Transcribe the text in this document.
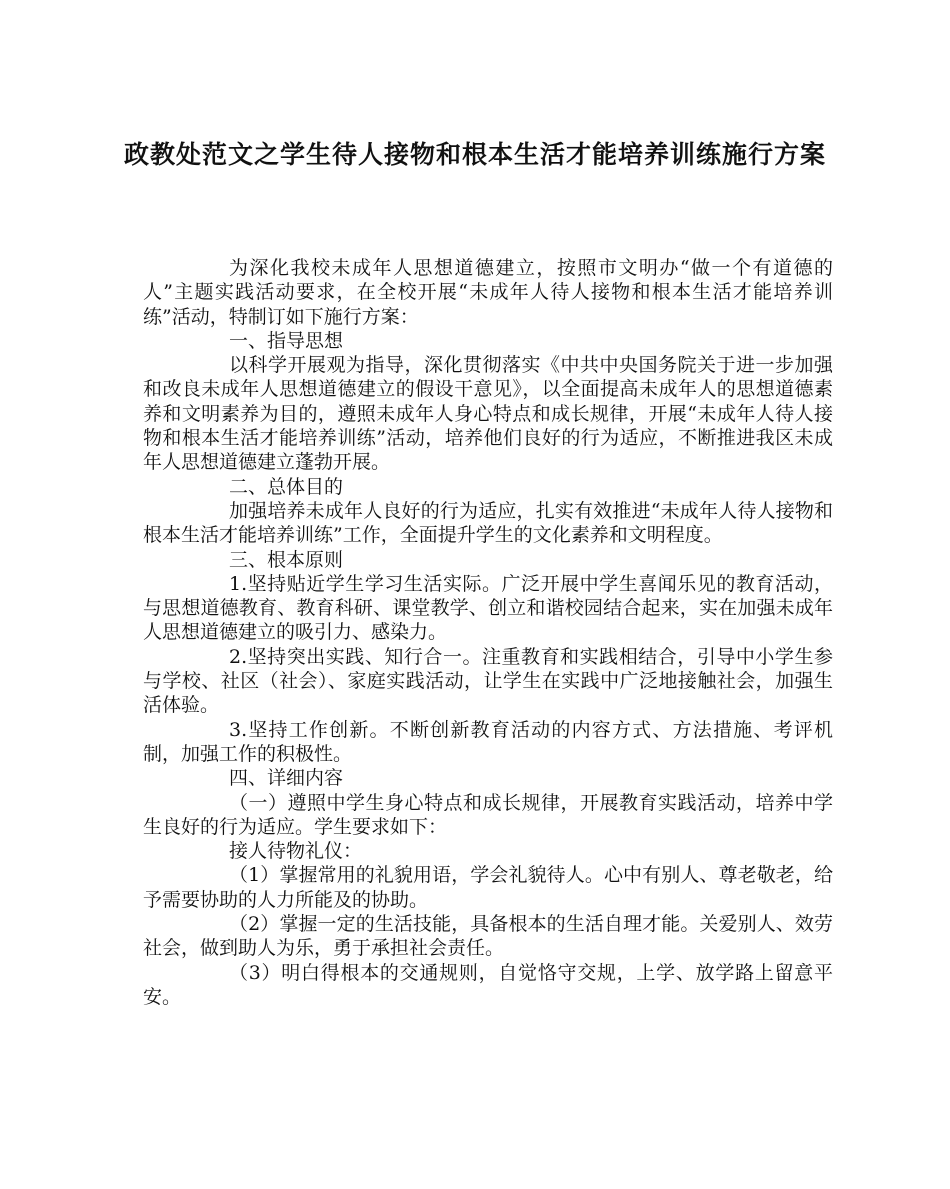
政教处范文之学生待人接物和根本生活才能培养训练施行方案

为深化我校未成年人思想道德建立，按照市文明办“做一个有道德的人”主题实践活动要求，在全校开展“未成年人待人接物和根本生活才能培养训练”活动，特制订如下施行方案：

一、指导思想

以科学开展观为指导，深化贯彻落实《中共中央国务院关于进一步加强和改良未成年人思想道德建立的假设干意见》，以全面提高未成年人的思想道德素养和文明素养为目的，遵照未成年人身心特点和成长规律，开展“未成年人待人接物和根本生活才能培养训练”活动，培养他们良好的行为适应，不断推进我区未成年人思想道德建立蓬勃开展。

二、总体目的

加强培养未成年人良好的行为适应，扎实有效推进“未成年人待人接物和根本生活才能培养训练”工作，全面提升学生的文化素养和文明程度。

三、根本原则

1.坚持贴近学生学习生活实际。广泛开展中学生喜闻乐见的教育活动，与思想道德教育、教育科研、课堂教学、创立和谐校园结合起来，实在加强未成年人思想道德建立的吸引力、感染力。

2.坚持突出实践、知行合一。注重教育和实践相结合，引导中小学生参与学校、社区（社会）、家庭实践活动，让学生在实践中广泛地接触社会，加强生活体验。

3.坚持工作创新。不断创新教育活动的内容方式、方法措施、考评机制，加强工作的积极性。

四、详细内容

（一）遵照中学生身心特点和成长规律，开展教育实践活动，培养中学生良好的行为适应。学生要求如下：

接人待物礼仪：

（1）掌握常用的礼貌用语，学会礼貌待人。心中有别人、尊老敬老，给予需要协助的人力所能及的协助。

（2）掌握一定的生活技能，具备根本的生活自理才能。关爱别人、效劳社会，做到助人为乐，勇于承担社会责任。

（3）明白得根本的交通规则，自觉恪守交规，上学、放学路上留意平安。
